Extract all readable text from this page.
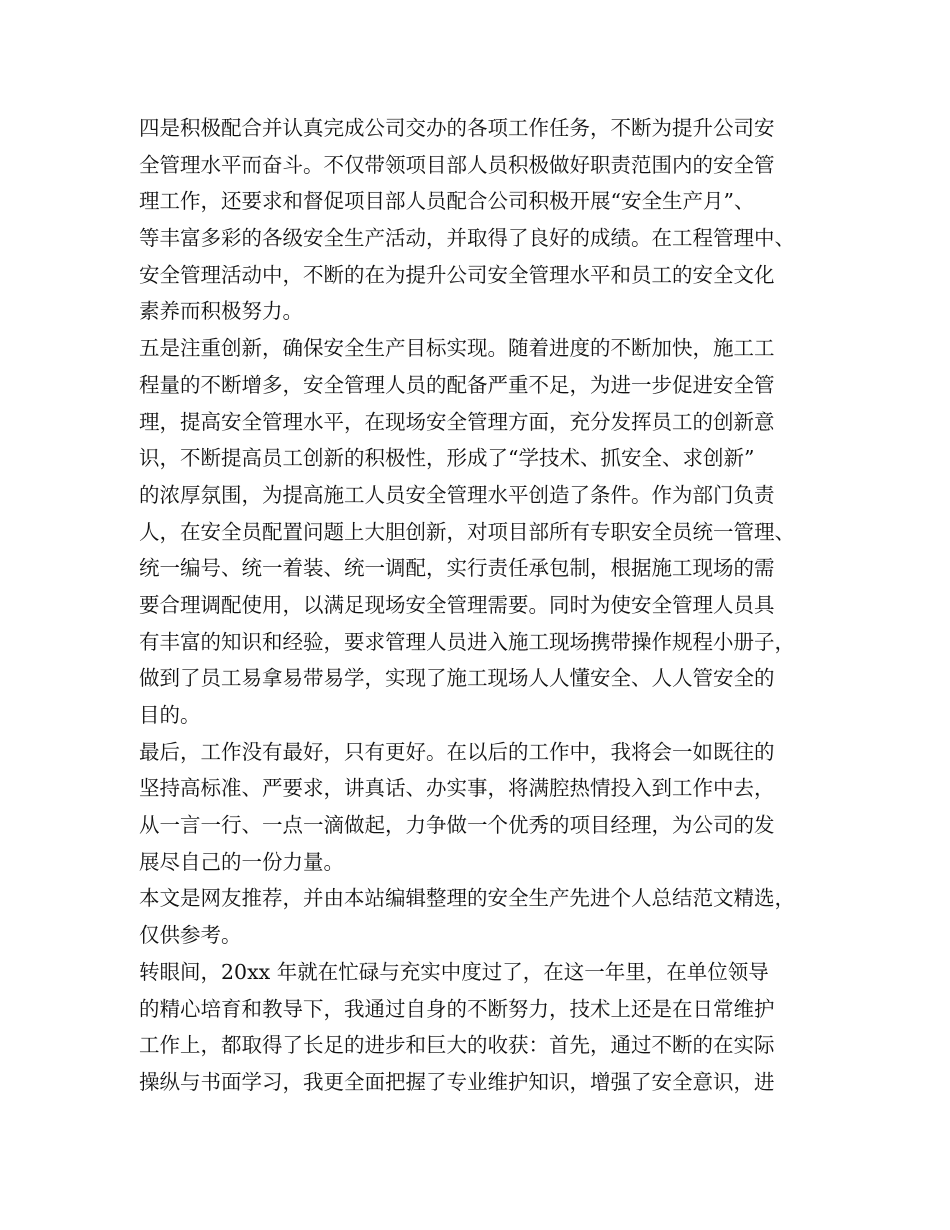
四是积极配合并认真完成公司交办的各项工作任务，不断为提升公司安
全管理水平而奋斗。不仅带领项目部人员积极做好职责范围内的安全管
理工作，还要求和督促项目部人员配合公司积极开展“安全生产月”、
等丰富多彩的各级安全生产活动，并取得了良好的成绩。在工程管理中、
安全管理活动中，不断的在为提升公司安全管理水平和员工的安全文化
素养而积极努力。
五是注重创新，确保安全生产目标实现。随着进度的不断加快，施工工
程量的不断增多，安全管理人员的配备严重不足，为进一步促进安全管
理，提高安全管理水平，在现场安全管理方面，充分发挥员工的创新意
识，不断提高员工创新的积极性，形成了“学技术、抓安全、求创新”
的浓厚氛围，为提高施工人员安全管理水平创造了条件。作为部门负责
人，在安全员配置问题上大胆创新，对项目部所有专职安全员统一管理、
统一编号、统一着装、统一调配，实行责任承包制，根据施工现场的需
要合理调配使用，以满足现场安全管理需要。同时为使安全管理人员具
有丰富的知识和经验，要求管理人员进入施工现场携带操作规程小册子，
做到了员工易拿易带易学，实现了施工现场人人懂安全、人人管安全的
目的。
最后，工作没有最好，只有更好。在以后的工作中，我将会一如既往的
坚持高标准、严要求，讲真话、办实事，将满腔热情投入到工作中去，
从一言一行、一点一滴做起，力争做一个优秀的项目经理，为公司的发
展尽自己的一份力量。
本文是网友推荐，并由本站编辑整理的安全生产先进个人总结范文精选，
仅供参考。
转眼间，20xx 年就在忙碌与充实中度过了，在这一年里，在单位领导
的精心培育和教导下，我通过自身的不断努力，技术上还是在日常维护
工作上，都取得了长足的进步和巨大的收获：首先，通过不断的在实际
操纵与书面学习，我更全面把握了专业维护知识，增强了安全意识，进
